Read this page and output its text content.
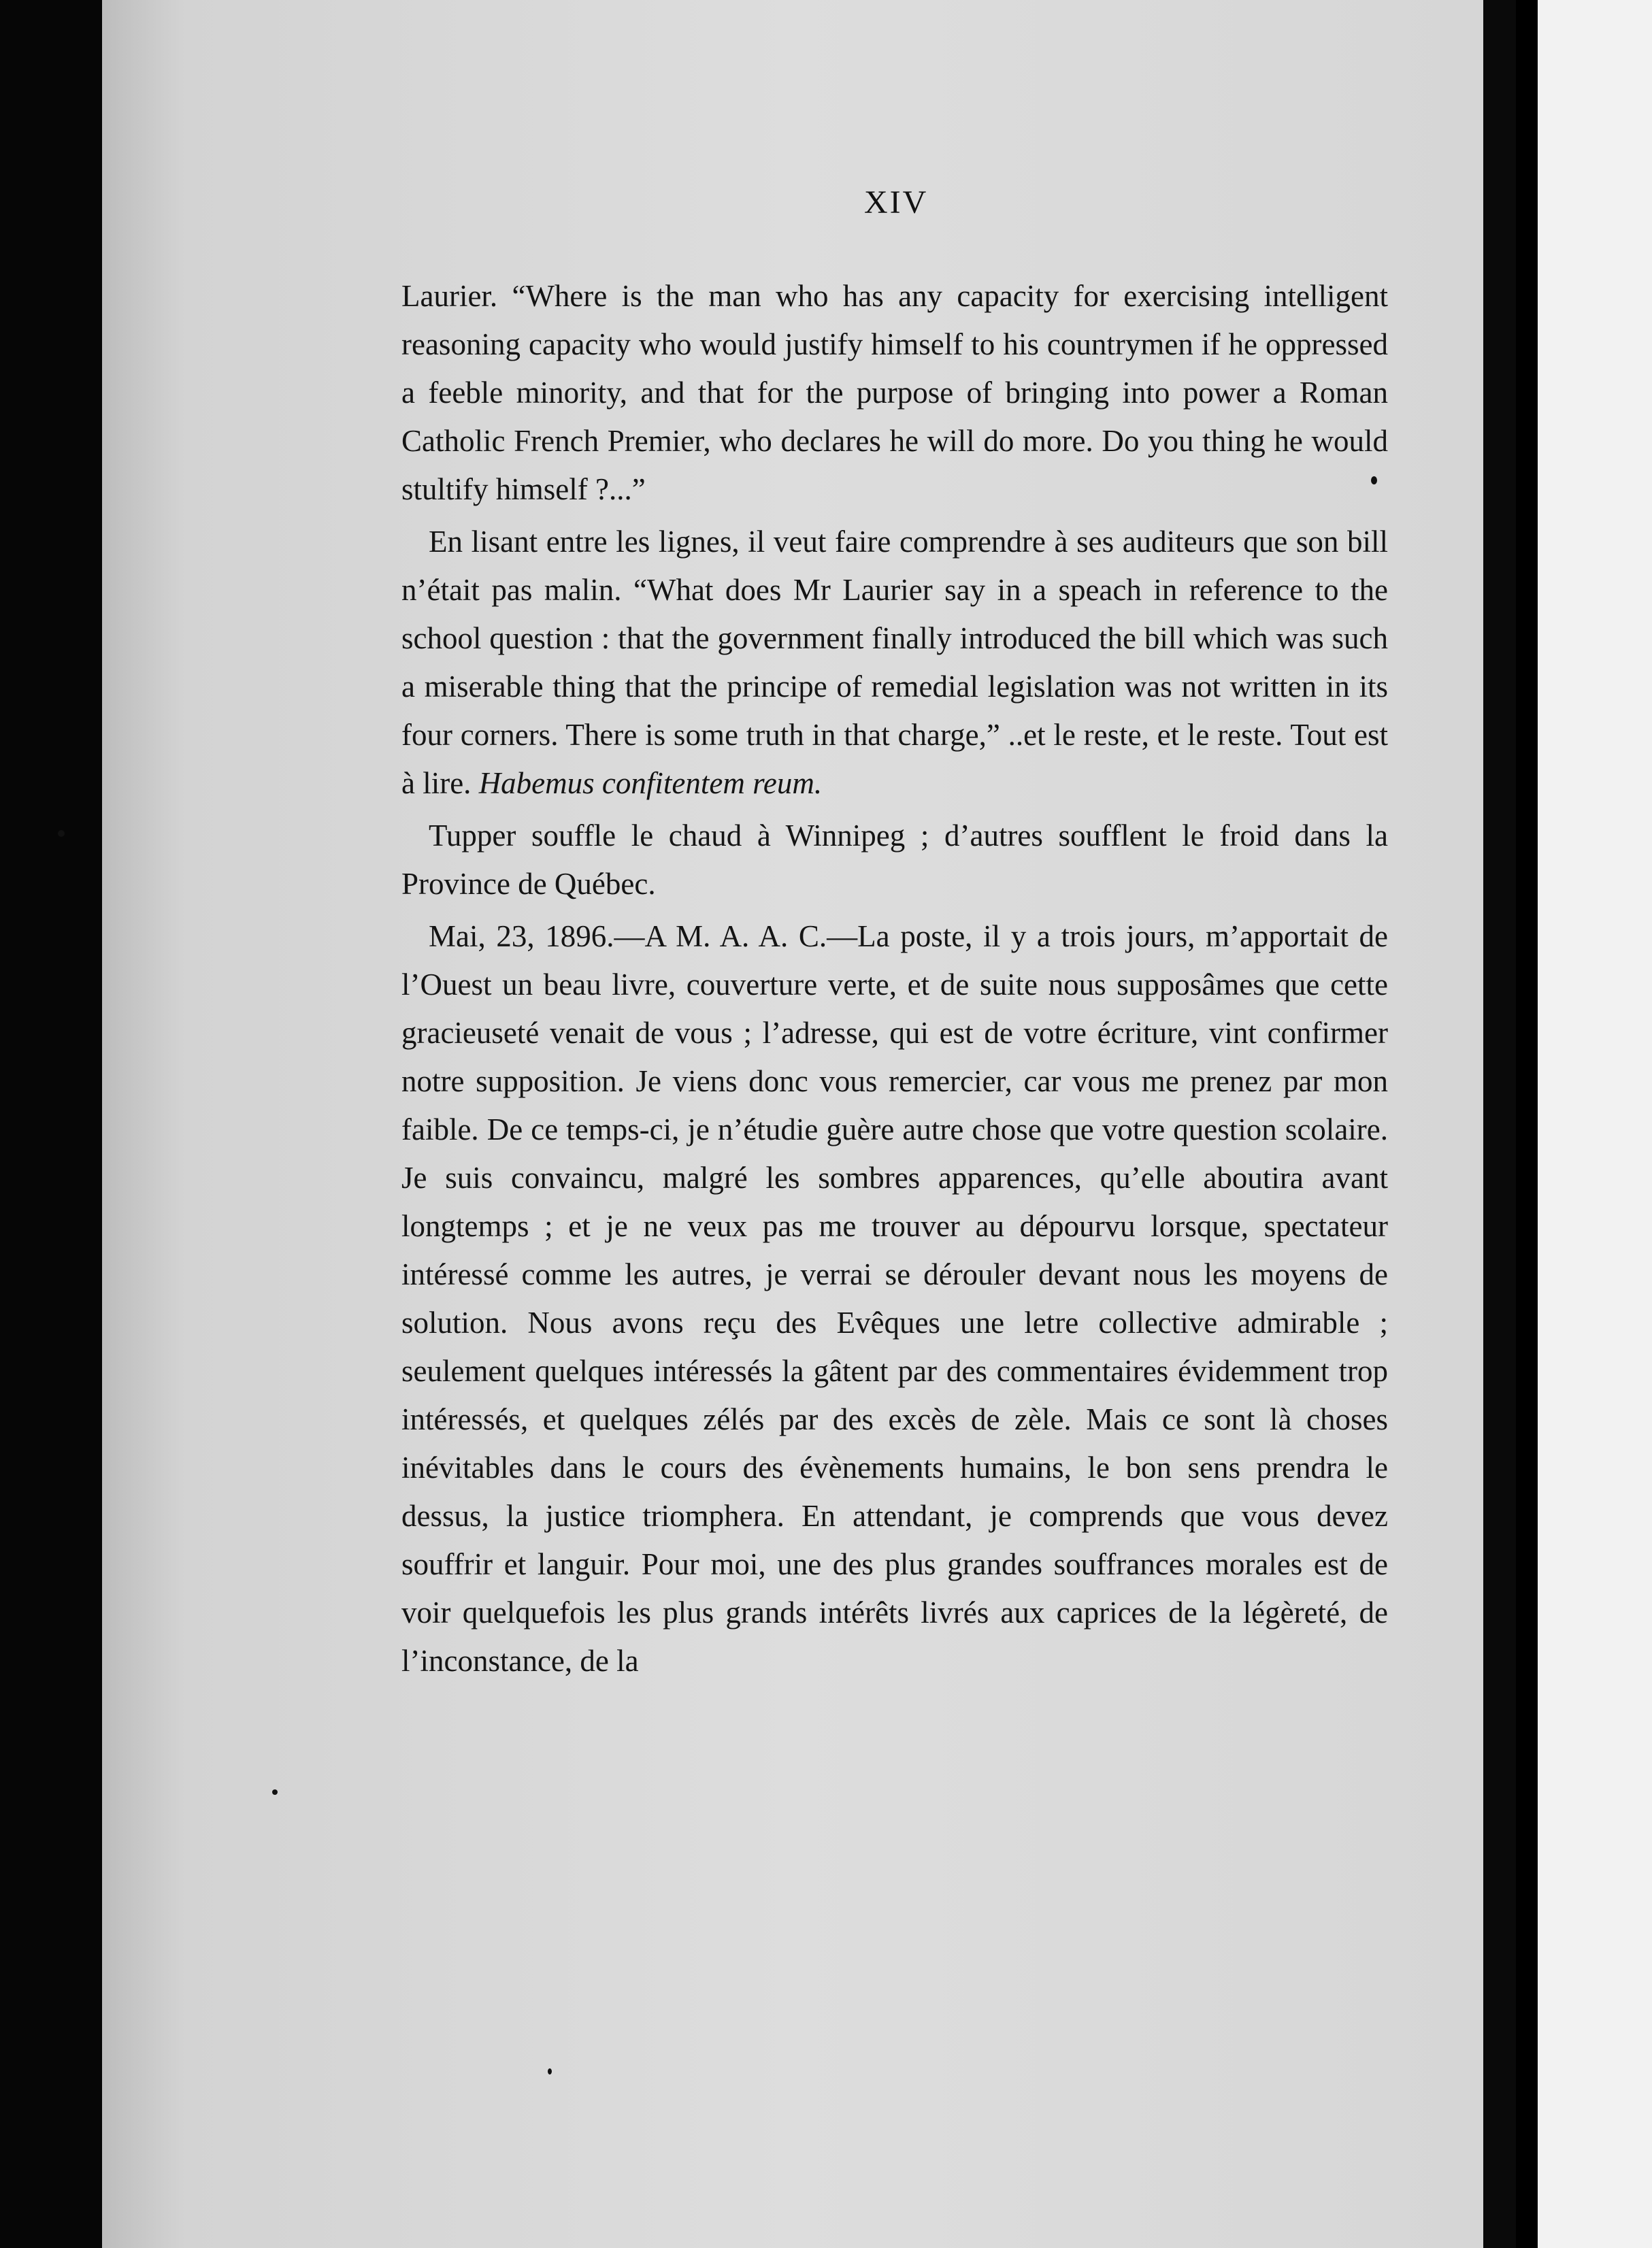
XIV

Laurier. “Where is the man who has any capacity for exercising intelligent reasoning capacity who would justify himself to his countrymen if he oppressed a feeble minority, and that for the purpose of bringing into power a Roman Catholic French Premier, who declares he will do more. Do you thing he would stultify himself ?...”

En lisant entre les lignes, il veut faire comprendre à ses auditeurs que son bill n’était pas malin. “What does Mr Laurier say in a speach in reference to the school question : that the government finally introduced the bill which was such a miserable thing that the principe of remedial legislation was not written in its four corners. There is some truth in that charge,” ..et le reste, et le reste. Tout est à lire. Habemus confitentem reum.

Tupper souffle le chaud à Winnipeg ; d’autres soufflent le froid dans la Province de Québec.

Mai, 23, 1896.—A M. A. A. C.—La poste, il y a trois jours, m’apportait de l’Ouest un beau livre, couverture verte, et de suite nous supposâmes que cette gracieuseté venait de vous ; l’adresse, qui est de votre écriture, vint confirmer notre supposition. Je viens donc vous remercier, car vous me prenez par mon faible. De ce temps-ci, je n’étudie guère autre chose que votre question scolaire. Je suis convaincu, malgré les sombres apparences, qu’elle aboutira avant longtemps ; et je ne veux pas me trouver au dépourvu lorsque, spectateur intéressé comme les autres, je verrai se dérouler devant nous les moyens de solution. Nous avons reçu des Evêques une letre collective admirable ; seulement quelques intéressés la gâtent par des commentaires évidemment trop intéressés, et quelques zélés par des excès de zèle. Mais ce sont là choses inévitables dans le cours des évènements humains, le bon sens prendra le dessus, la justice triomphera. En attendant, je comprends que vous devez souffrir et languir. Pour moi, une des plus grandes souffrances morales est de voir quelquefois les plus grands intérêts livrés aux caprices de la légèreté, de l’inconstance, de la
